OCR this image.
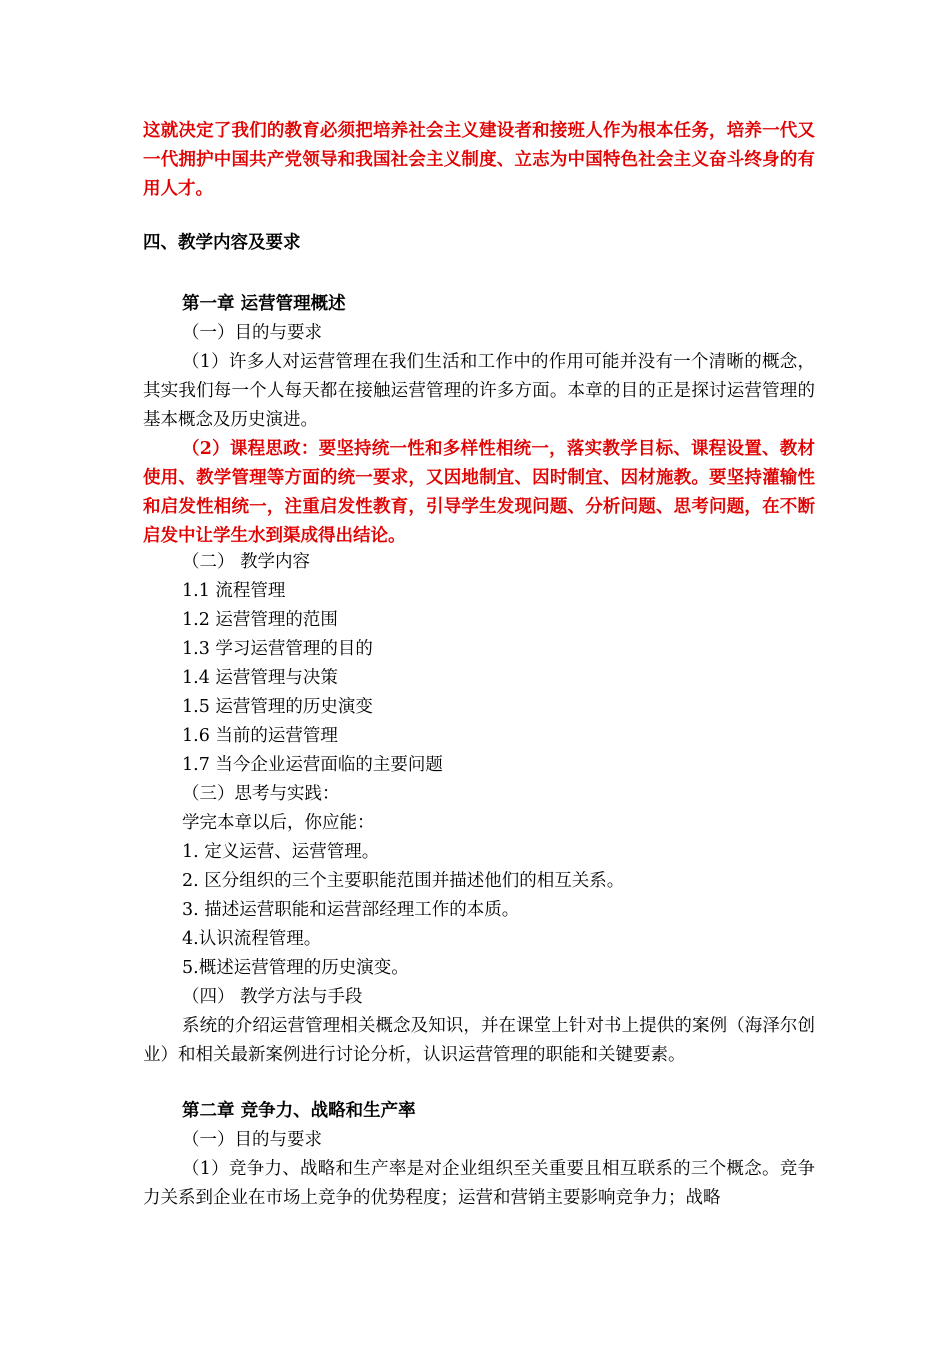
这就决定了我们的教育必须把培养社会主义建设者和接班人作为根本任务，培养一代又一代拥护中国共产党领导和我国社会主义制度、立志为中国特色社会主义奋斗终身的有用人才。

四、教学内容及要求

第一章 运营管理概述

（一）目的与要求

（1）许多人对运营管理在我们生活和工作中的作用可能并没有一个清晰的概念，其实我们每一个人每天都在接触运营管理的许多方面。本章的目的正是探讨运营管理的基本概念及历史演进。

（2）课程思政：要坚持统一性和多样性相统一，落实教学目标、课程设置、教材使用、教学管理等方面的统一要求，又因地制宜、因时制宜、因材施教。要坚持灌输性和启发性相统一，注重启发性教育，引导学生发现问题、分析问题、思考问题，在不断启发中让学生水到渠成得出结论。

（二） 教学内容

1.1 流程管理
1.2 运营管理的范围
1.3 学习运营管理的目的
1.4 运营管理与决策
1.5 运营管理的历史演变
1.6 当前的运营管理
1.7 当今企业运营面临的主要问题

（三）思考与实践：

学完本章以后，你应能：

1. 定义运营、运营管理。
2. 区分组织的三个主要职能范围并描述他们的相互关系。
3. 描述运营职能和运营部经理工作的本质。
4.认识流程管理。
5.概述运营管理的历史演变。

（四） 教学方法与手段

系统的介绍运营管理相关概念及知识，并在课堂上针对书上提供的案例（海泽尔创业）和相关最新案例进行讨论分析，认识运营管理的职能和关键要素。

第二章 竞争力、战略和生产率

（一）目的与要求

（1）竞争力、战略和生产率是对企业组织至关重要且相互联系的三个概念。竞争力关系到企业在市场上竞争的优势程度；运营和营销主要影响竞争力；战略
